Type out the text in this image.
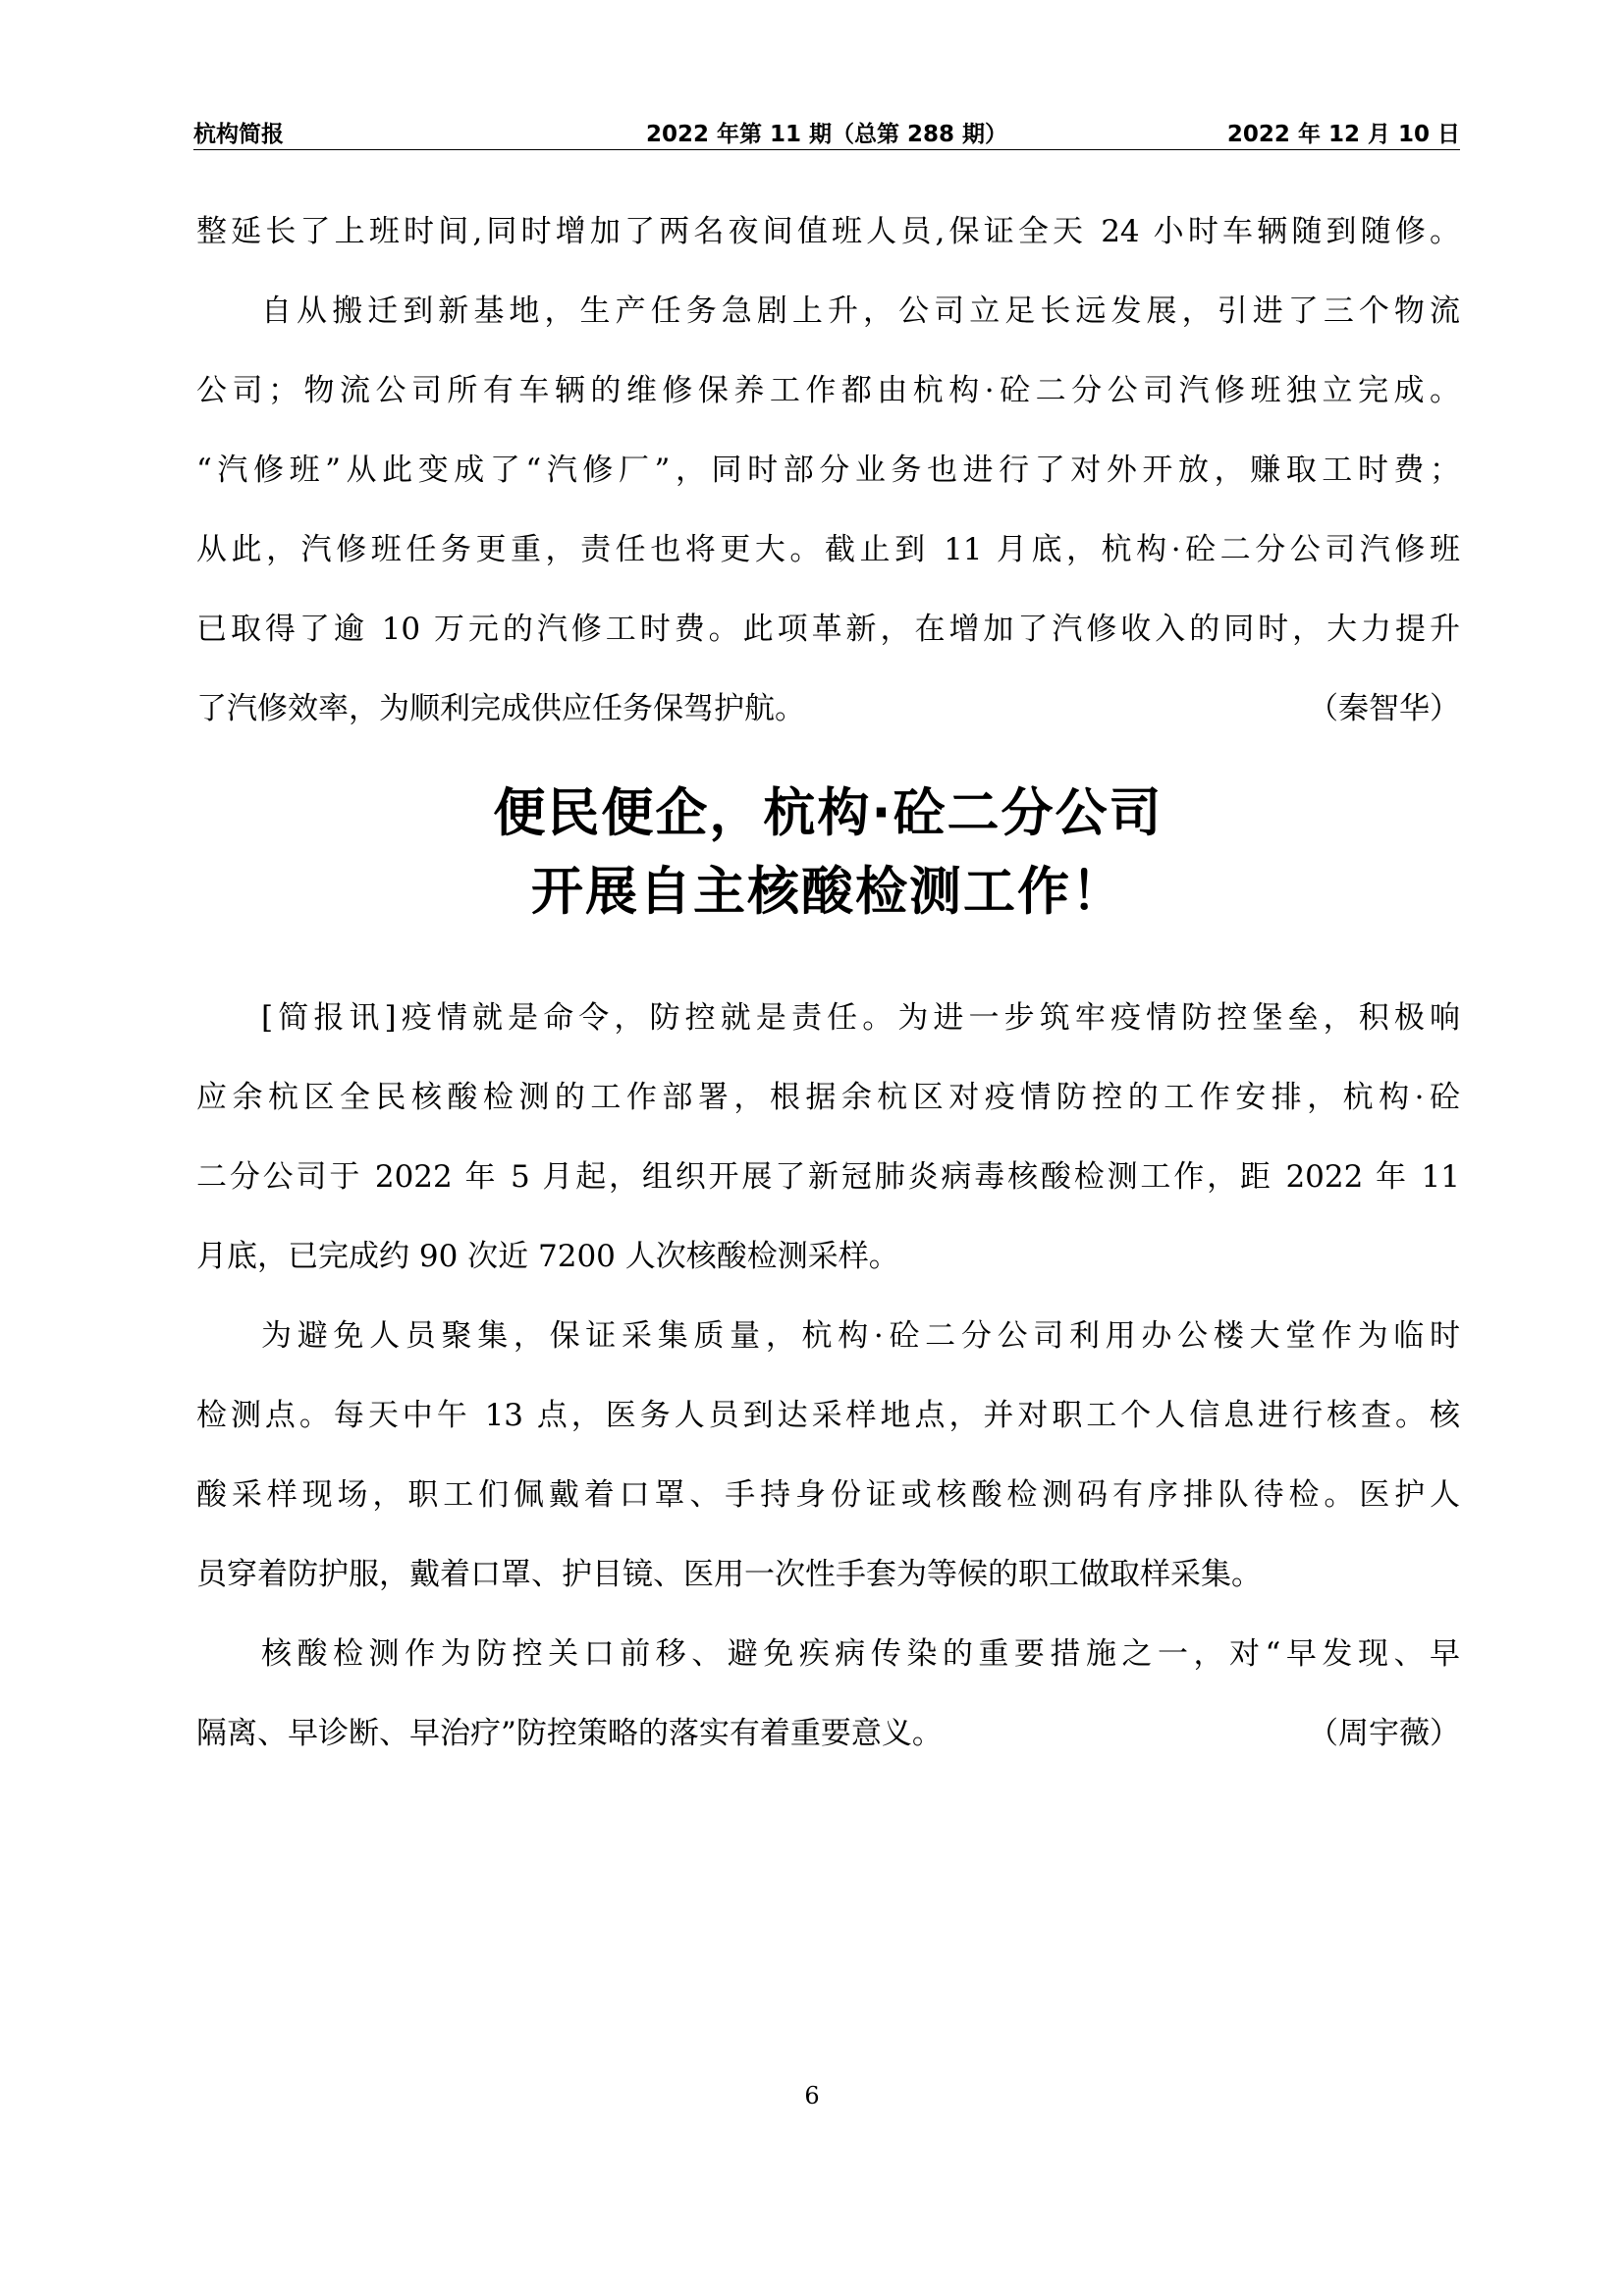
杭构简报	2022 年第 11 期（总第 288 期）	2022 年 12 月 10 日

整延长了上班时间,同时增加了两名夜间值班人员,保证全天 24 小时车辆随到随修。

自从搬迁到新基地，生产任务急剧上升，公司立足长远发展，引进了三个物流

公司；物流公司所有车辆的维修保养工作都由杭构·砼二分公司汽修班独立完成。

“汽修班”从此变成了“汽修厂”，同时部分业务也进行了对外开放，赚取工时费；

从此，汽修班任务更重，责任也将更大。截止到 11 月底，杭构·砼二分公司汽修班

已取得了逾 10 万元的汽修工时费。此项革新，在增加了汽修收入的同时，大力提升

了汽修效率，为顺利完成供应任务保驾护航。	（秦智华）

便民便企，杭构·砼二分公司
开展自主核酸检测工作！

[简报讯]疫情就是命令，防控就是责任。为进一步筑牢疫情防控堡垒，积极响

应余杭区全民核酸检测的工作部署，根据余杭区对疫情防控的工作安排，杭构·砼

二分公司于 2022 年 5 月起，组织开展了新冠肺炎病毒核酸检测工作，距 2022 年 11

月底，已完成约 90 次近 7200 人次核酸检测采样。

为避免人员聚集，保证采集质量，杭构·砼二分公司利用办公楼大堂作为临时

检测点。每天中午 13 点，医务人员到达采样地点，并对职工个人信息进行核查。核

酸采样现场，职工们佩戴着口罩、手持身份证或核酸检测码有序排队待检。医护人

员穿着防护服，戴着口罩、护目镜、医用一次性手套为等候的职工做取样采集。

核酸检测作为防控关口前移、避免疾病传染的重要措施之一，对“早发现、早

隔离、早诊断、早治疗”防控策略的落实有着重要意义。	（周宇薇）

6
